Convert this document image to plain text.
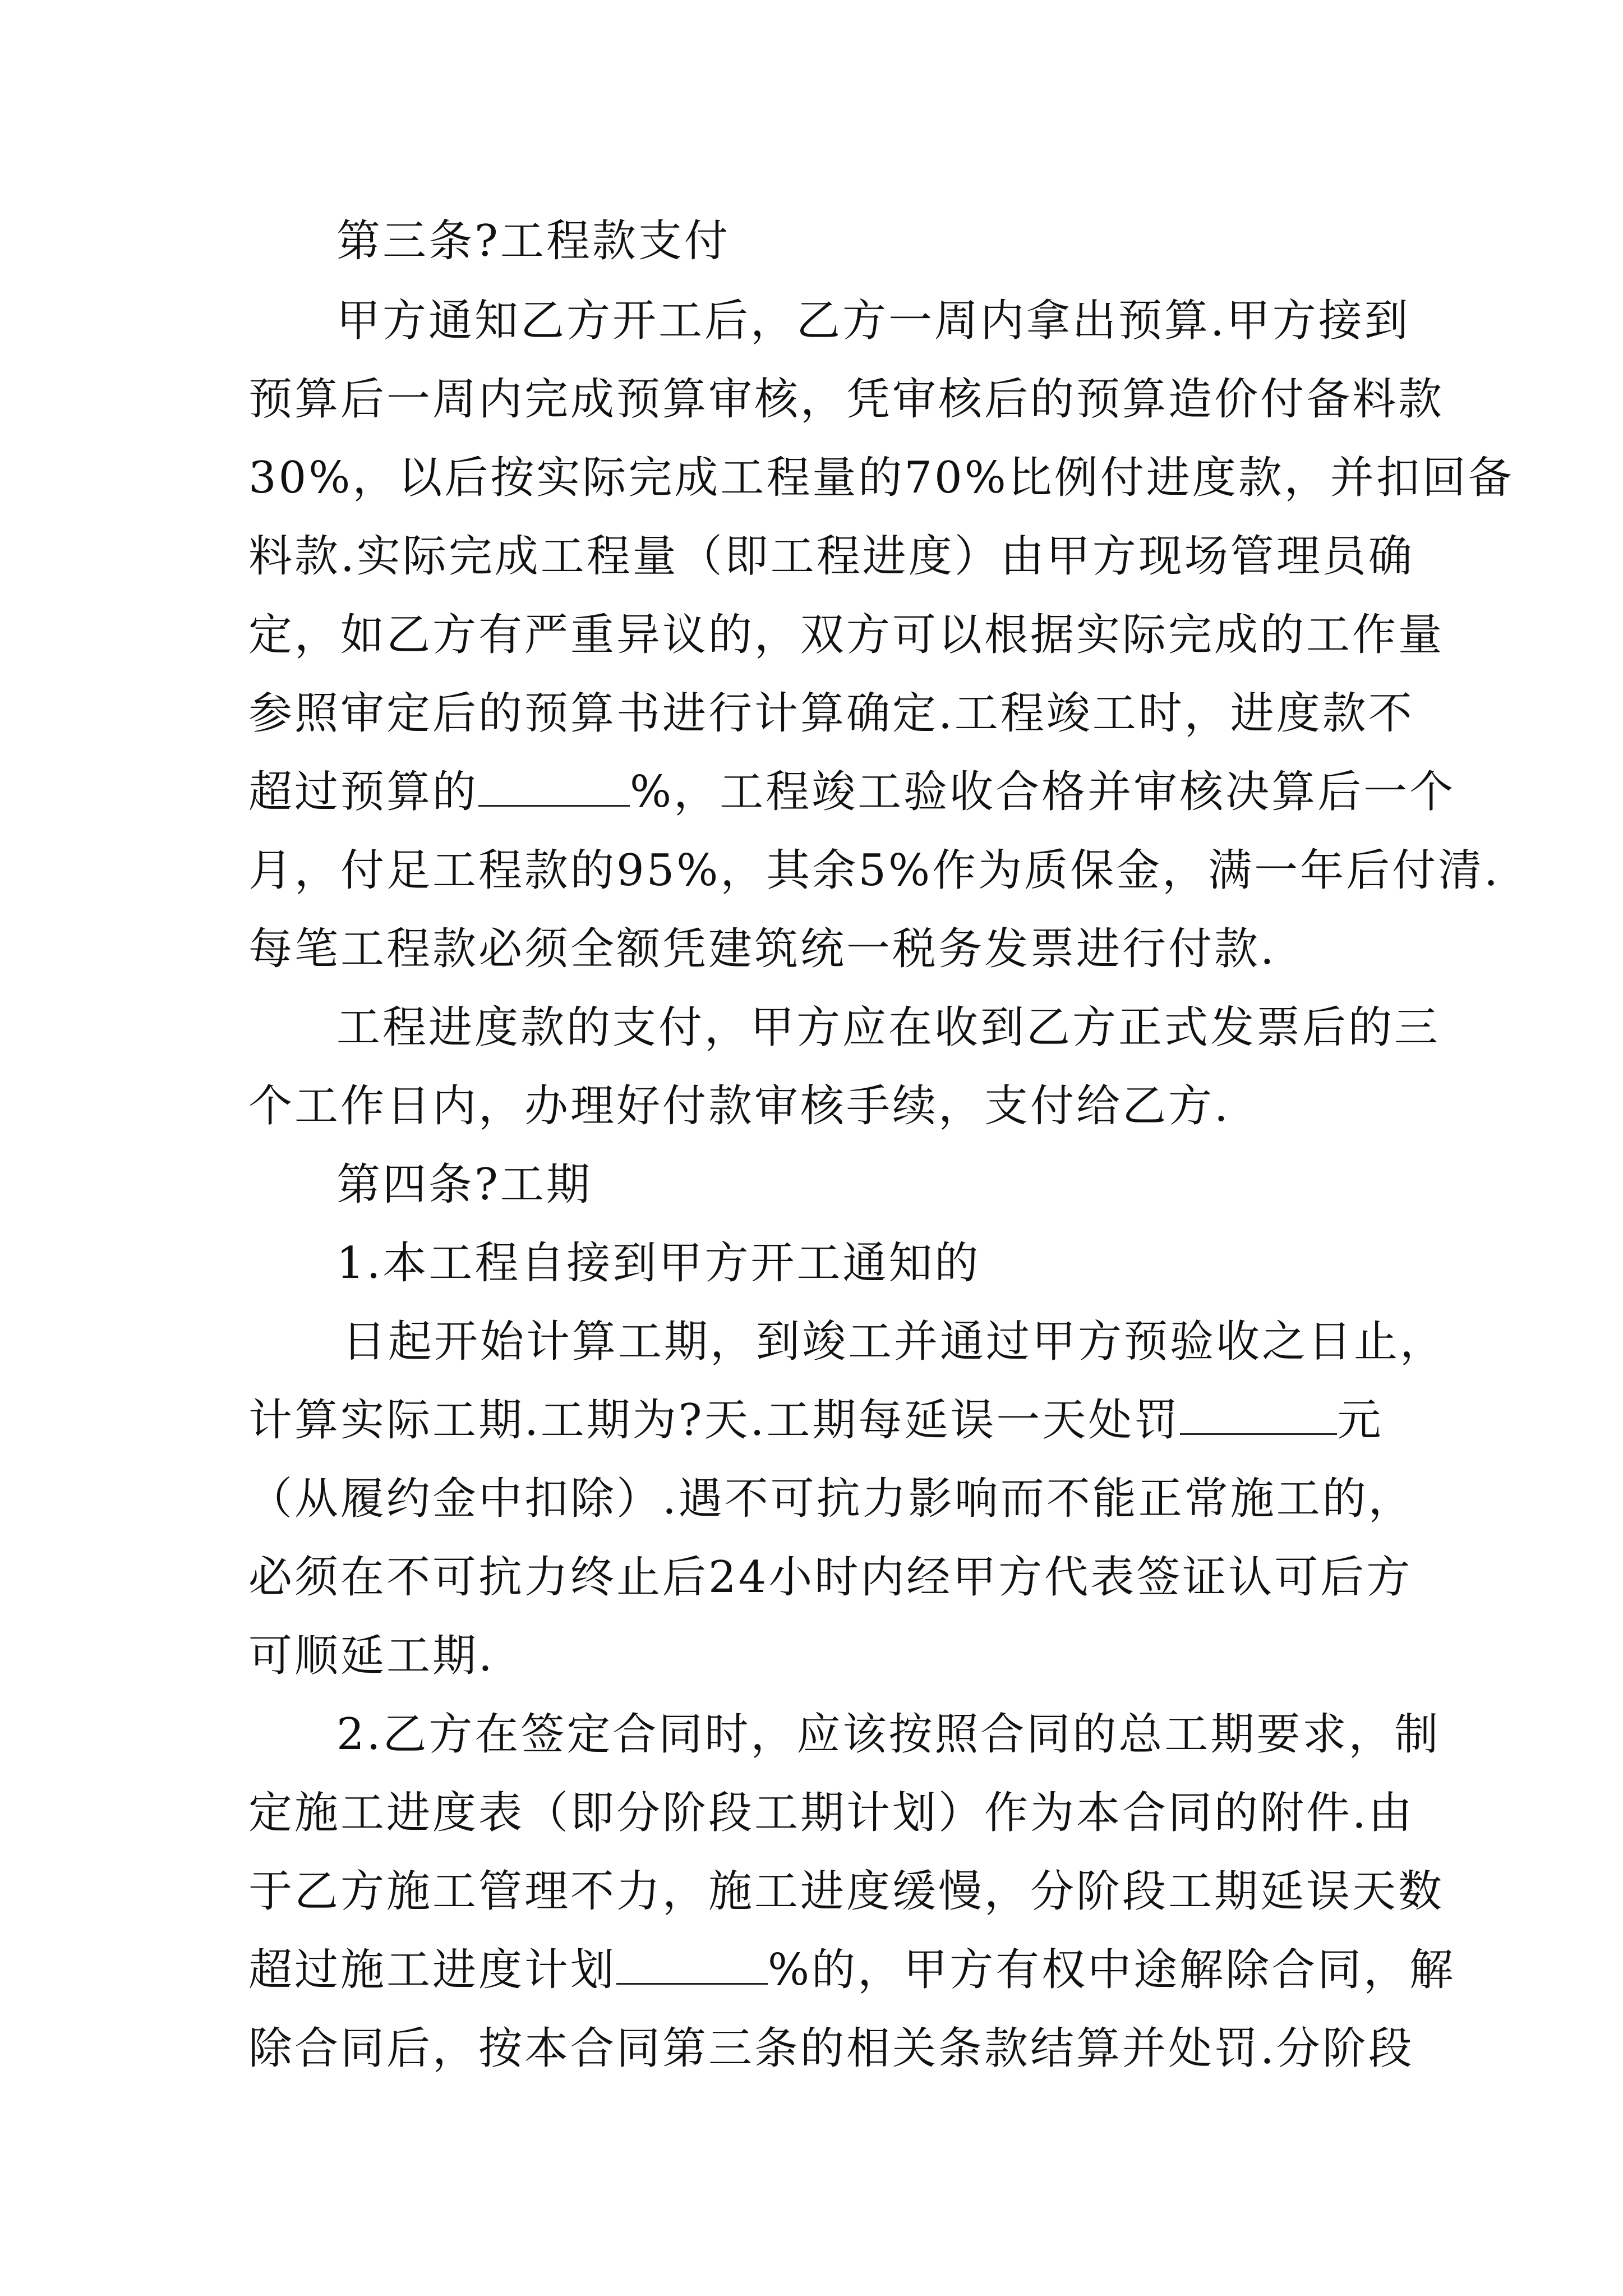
第三条?工程款支付
甲方通知乙方开工后，乙方一周内拿出预算.甲方接到
预算后一周内完成预算审核，凭审核后的预算造价付备料款
30%，以后按实际完成工程量的70%比例付进度款，并扣回备
料款.实际完成工程量（即工程进度）由甲方现场管理员确
定，如乙方有严重异议的，双方可以根据实际完成的工作量
参照审定后的预算书进行计算确定.工程竣工时，进度款不
超过预算的	%，工程竣工验收合格并审核决算后一个
月，付足工程款的95%，其余5%作为质保金，满一年后付清.
每笔工程款必须全额凭建筑统一税务发票进行付款.
工程进度款的支付，甲方应在收到乙方正式发票后的三
个工作日内，办理好付款审核手续，支付给乙方.
第四条?工期
1.本工程自接到甲方开工通知的
日起开始计算工期，到竣工并通过甲方预验收之日止，
计算实际工期.工期为?天.工期每延误一天处罚	元
（从履约金中扣除）.遇不可抗力影响而不能正常施工的，
必须在不可抗力终止后24小时内经甲方代表签证认可后方
可顺延工期.
2.乙方在签定合同时，应该按照合同的总工期要求，制
定施工进度表（即分阶段工期计划）作为本合同的附件.由
于乙方施工管理不力，施工进度缓慢，分阶段工期延误天数
超过施工进度计划	%的，甲方有权中途解除合同，解
除合同后，按本合同第三条的相关条款结算并处罚.分阶段
